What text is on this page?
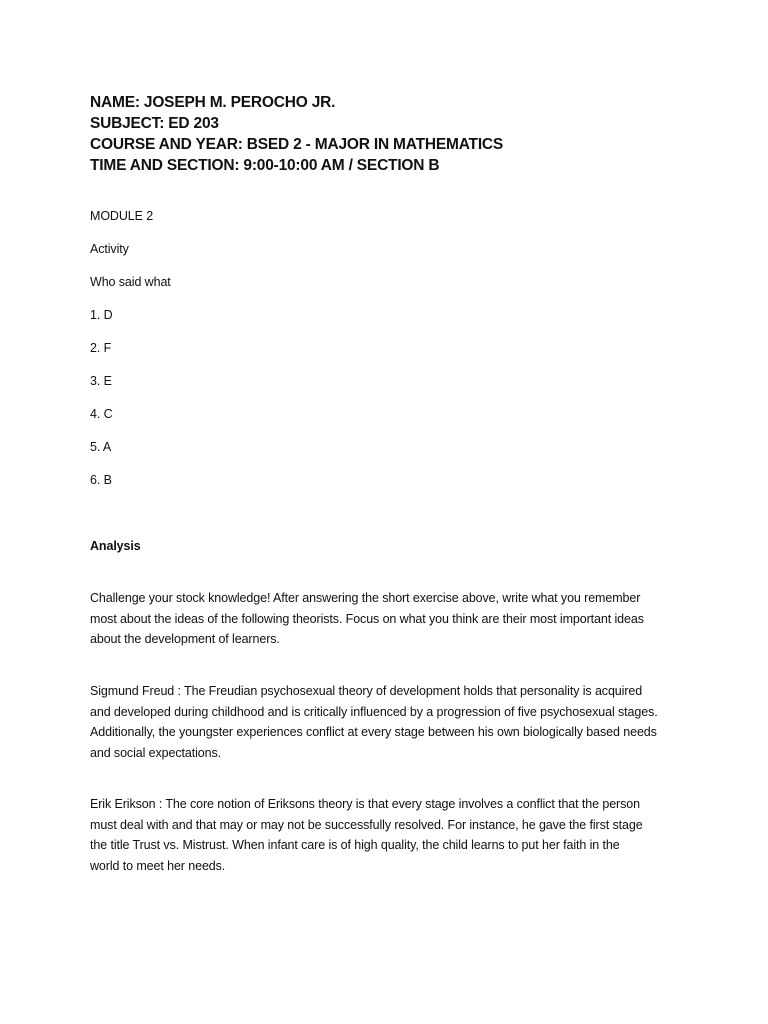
NAME: JOSEPH M. PEROCHO JR.
SUBJECT: ED 203
COURSE AND YEAR: BSED 2 - MAJOR IN MATHEMATICS
TIME AND SECTION: 9:00-10:00 AM / SECTION B
MODULE 2
Activity
Who said what
1. D
2. F
3. E
4. C
5. A
6. B
Analysis
Challenge your stock knowledge! After answering the short exercise above, write what you remember
most about the ideas of the following theorists. Focus on what you think are their most important ideas
about the development of learners.
Sigmund Freud : The Freudian psychosexual theory of development holds that personality is acquired
and developed during childhood and is critically influenced by a progression of five psychosexual stages.
Additionally, the youngster experiences conflict at every stage between his own biologically based needs
and social expectations.
Erik Erikson : The core notion of Eriksons theory is that every stage involves a conflict that the person
must deal with and that may or may not be successfully resolved. For instance, he gave the first stage
the title Trust vs. Mistrust. When infant care is of high quality, the child learns to put her faith in the
world to meet her needs.
